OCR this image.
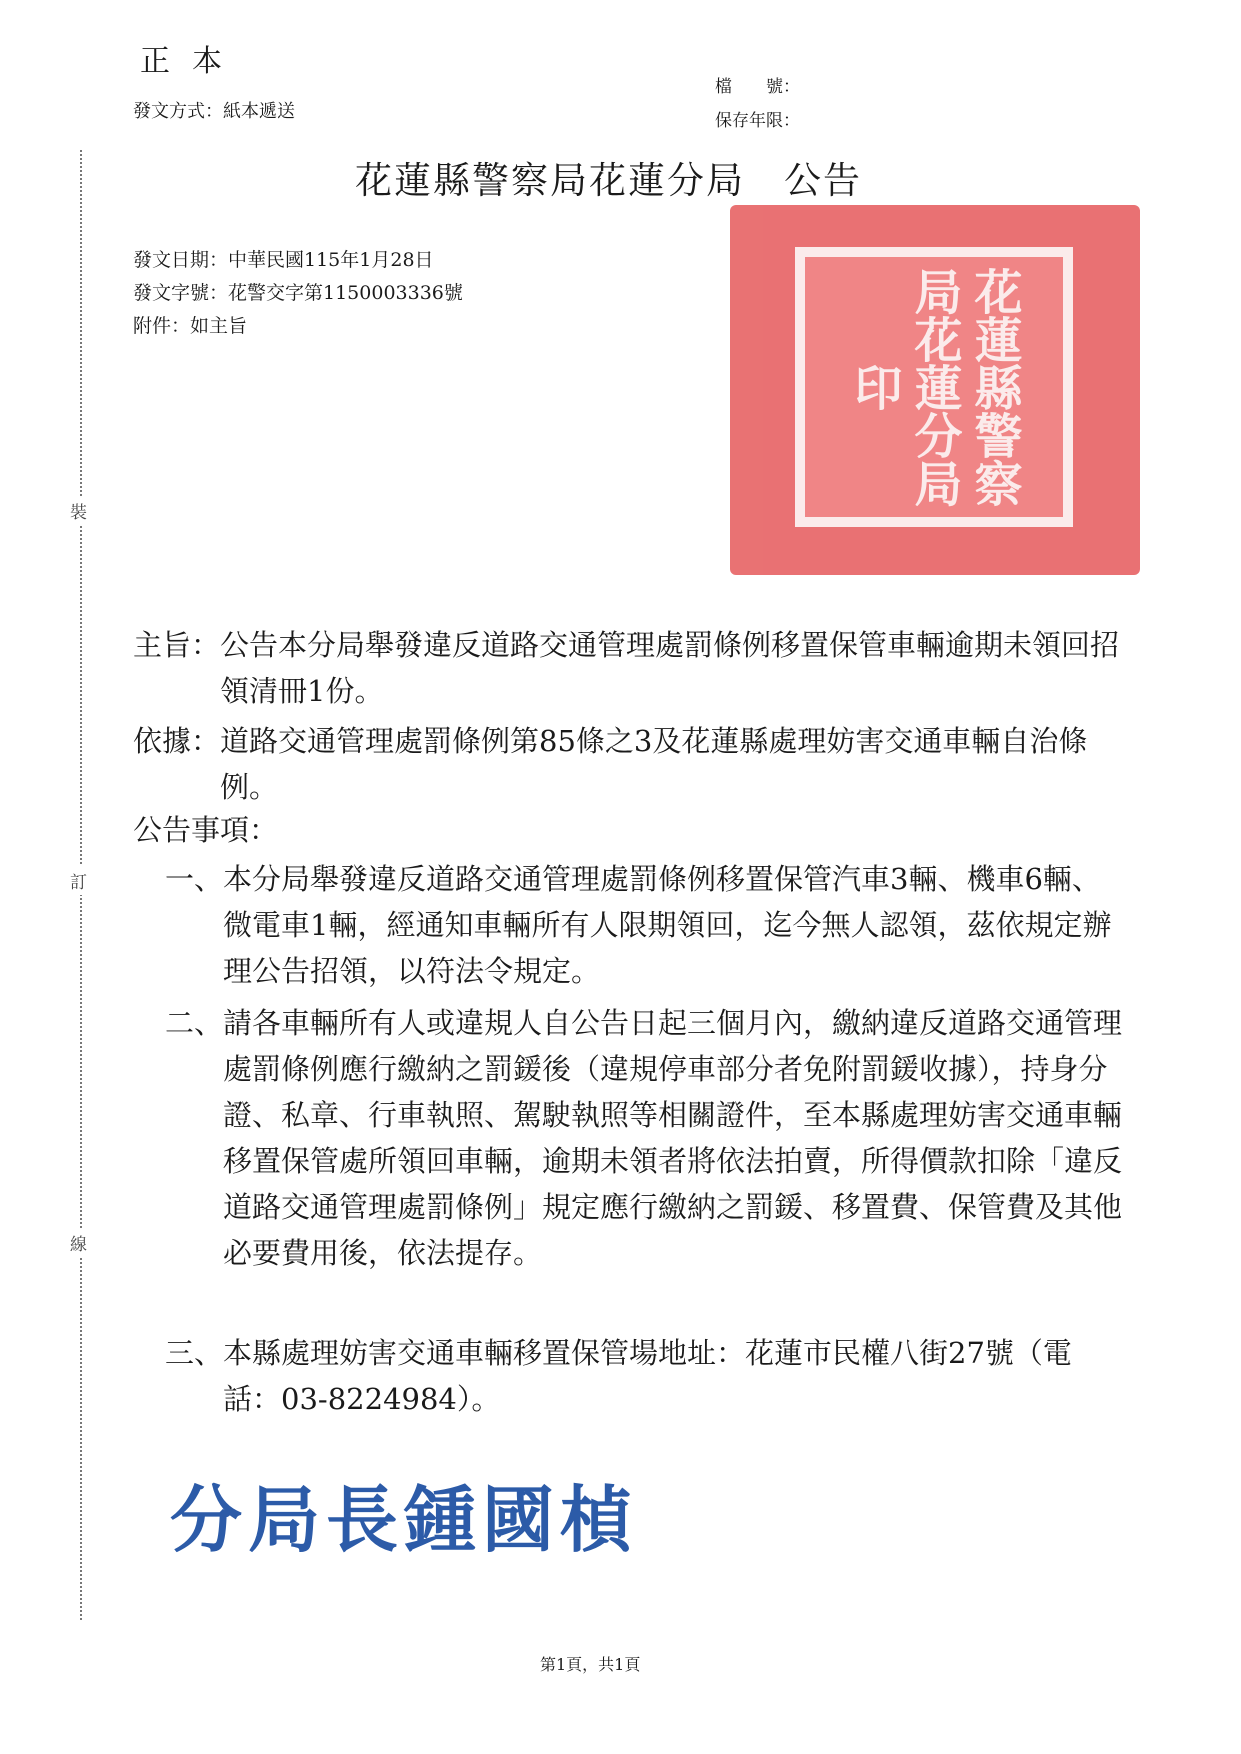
正本
發文方式：紙本遞送
檔　　號：
保存年限：
裝
訂
線
花蓮縣警察局花蓮分局　公告
發文日期：中華民國115年1月28日
發文字號：花警交字第1150003336號
附件：如主旨	花蓮縣警察局花蓮分局印
主旨： 公告本分局舉發違反道路交通管理處罰條例移置保管車輛逾期未領回招領清冊1份。
依據： 道路交通管理處罰條例第85條之3及花蓮縣處理妨害交通車輛自治條例。
公告事項：
一、 本分局舉發違反道路交通管理處罰條例移置保管汽車3輛、機車6輛、微電車1輛，經通知車輛所有人限期領回，迄今無人認領，茲依規定辦理公告招領，以符法令規定。
二、 請各車輛所有人或違規人自公告日起三個月內，繳納違反道路交通管理處罰條例應行繳納之罰鍰後（違規停車部分者免附罰鍰收據），持身分證、私章、行車執照、駕駛執照等相關證件，至本縣處理妨害交通車輛移置保管處所領回車輛，逾期未領者將依法拍賣，所得價款扣除「違反道路交通管理處罰條例」規定應行繳納之罰鍰、移置費、保管費及其他必要費用後，依法提存。
三、 本縣處理妨害交通車輛移置保管場地址：花蓮市民權八街27號（電話：03-8224984）。
分局長鍾國楨
第1頁，共1頁
